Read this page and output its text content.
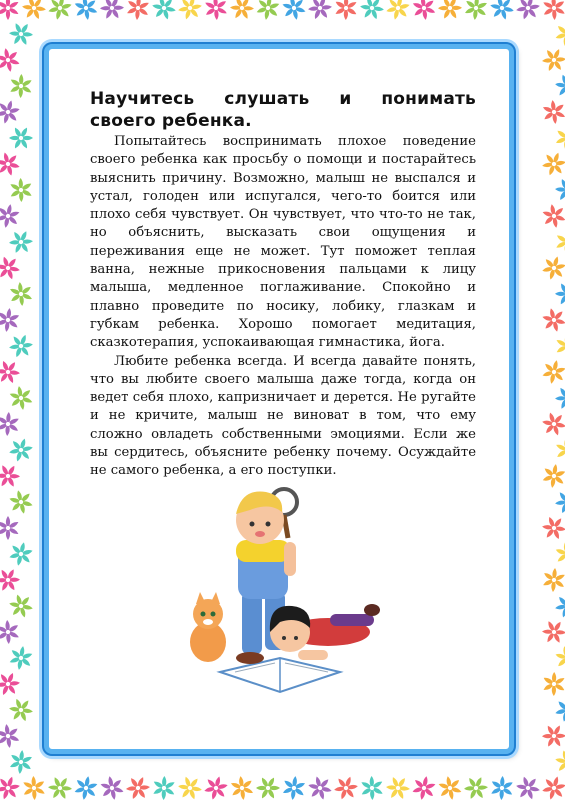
Научитесь слушать и понимать своего ребенка.

Попытайтесь воспринимать плохое поведение своего ребенка как просьбу о помощи и постарайтесь выяснить причину. Возможно, малыш не выспался и устал, голоден или испугался, чего-то боится или плохо себя чувствует. Он чувствует, что что-то не так, но объяснить, высказать свои ощущения и переживания еще не может. Тут поможет теплая ванна, нежные прикосновения пальцами к лицу малыша, медленное поглаживание. Спокойно и плавно проведите по носику, лобику, глазкам и губкам ребенка. Хорошо помогает медитация, сказкотерапия, успокаивающая гимнастика, йога.

Любите ребенка всегда. И всегда давайте понять, что вы любите своего малыша даже тогда, когда он ведет себя плохо, капризничает и дерется. Не ругайте и не кричите, малыш не виноват в том, что ему сложно овладеть собственными эмоциями. Если же вы сердитесь, объясните ребенку почему. Осуждайте не самого ребенка, а его поступки.
